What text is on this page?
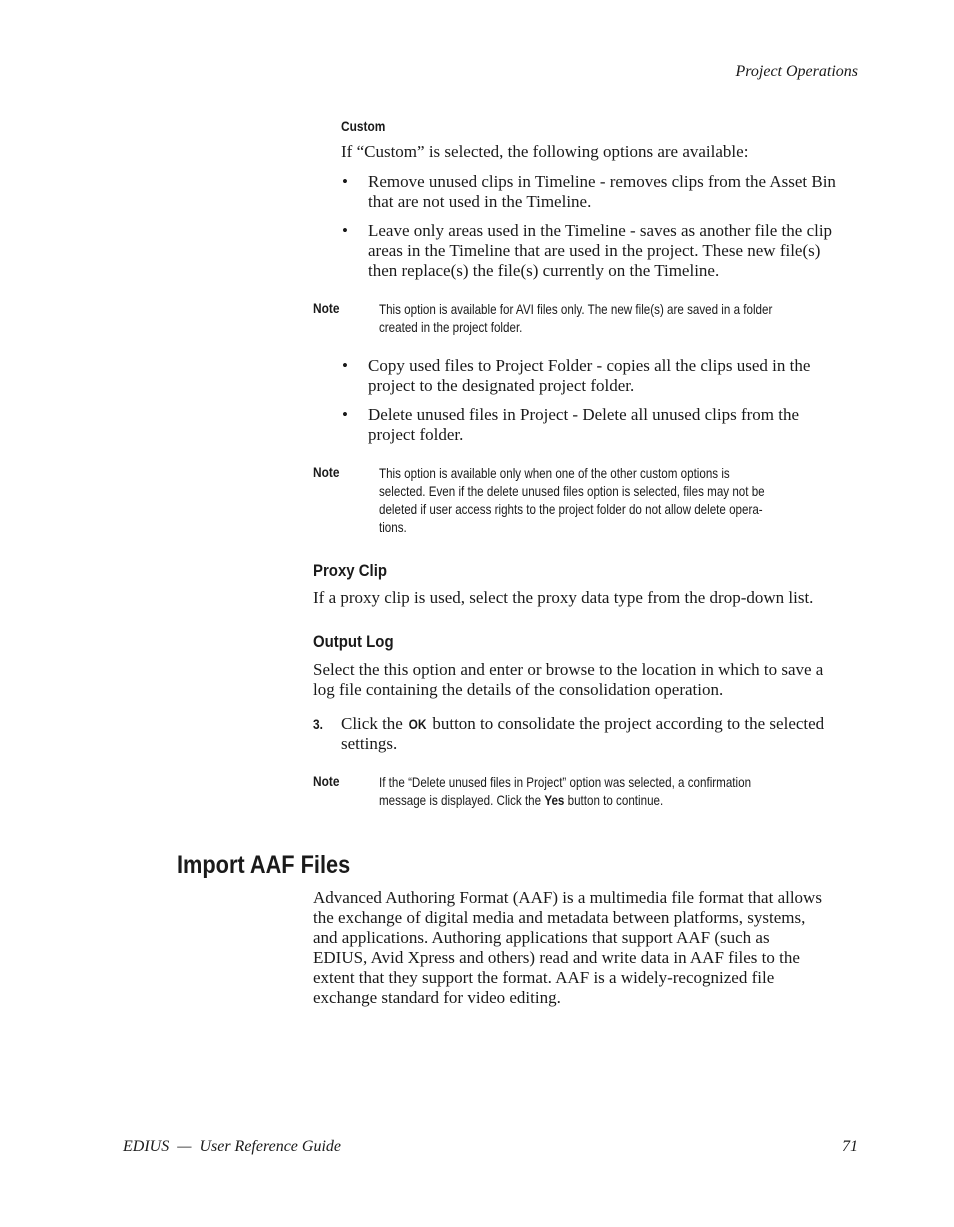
Project Operations
Custom
If “Custom” is selected, the following options are available:
• Remove unused clips in Timeline - removes clips from the Asset Bin
that are not used in the Timeline.
• Leave only areas used in the Timeline - saves as another file the clip
areas in the Timeline that are used in the project. These new file(s)
then replace(s) the file(s) currently on the Timeline.
Note	This option is available for AVI files only. The new file(s) are saved in a folder
created in the project folder.
• Copy used files to Project Folder - copies all the clips used in the
project to the designated project folder.
• Delete unused files in Project - Delete all unused clips from the
project folder.
Note	This option is available only when one of the other custom options is
selected. Even if the delete unused files option is selected, files may not be
deleted if user access rights to the project folder do not allow delete opera-
tions.
Proxy Clip
If a proxy clip is used, select the proxy data type from the drop-down list.
Output Log
Select the this option and enter or browse to the location in which to save a
log file containing the details of the consolidation operation.
3. Click the OK button to consolidate the project according to the selected
settings.
Note	If the “Delete unused files in Project” option was selected, a confirmation
message is displayed. Click the Yes button to continue.
Import AAF Files
Advanced Authoring Format (AAF) is a multimedia file format that allows
the exchange of digital media and metadata between platforms, systems,
and applications. Authoring applications that support AAF (such as
EDIUS, Avid Xpress and others) read and write data in AAF files to the
extent that they support the format. AAF is a widely-recognized file
exchange standard for video editing.
EDIUS  —  User Reference Guide	71
